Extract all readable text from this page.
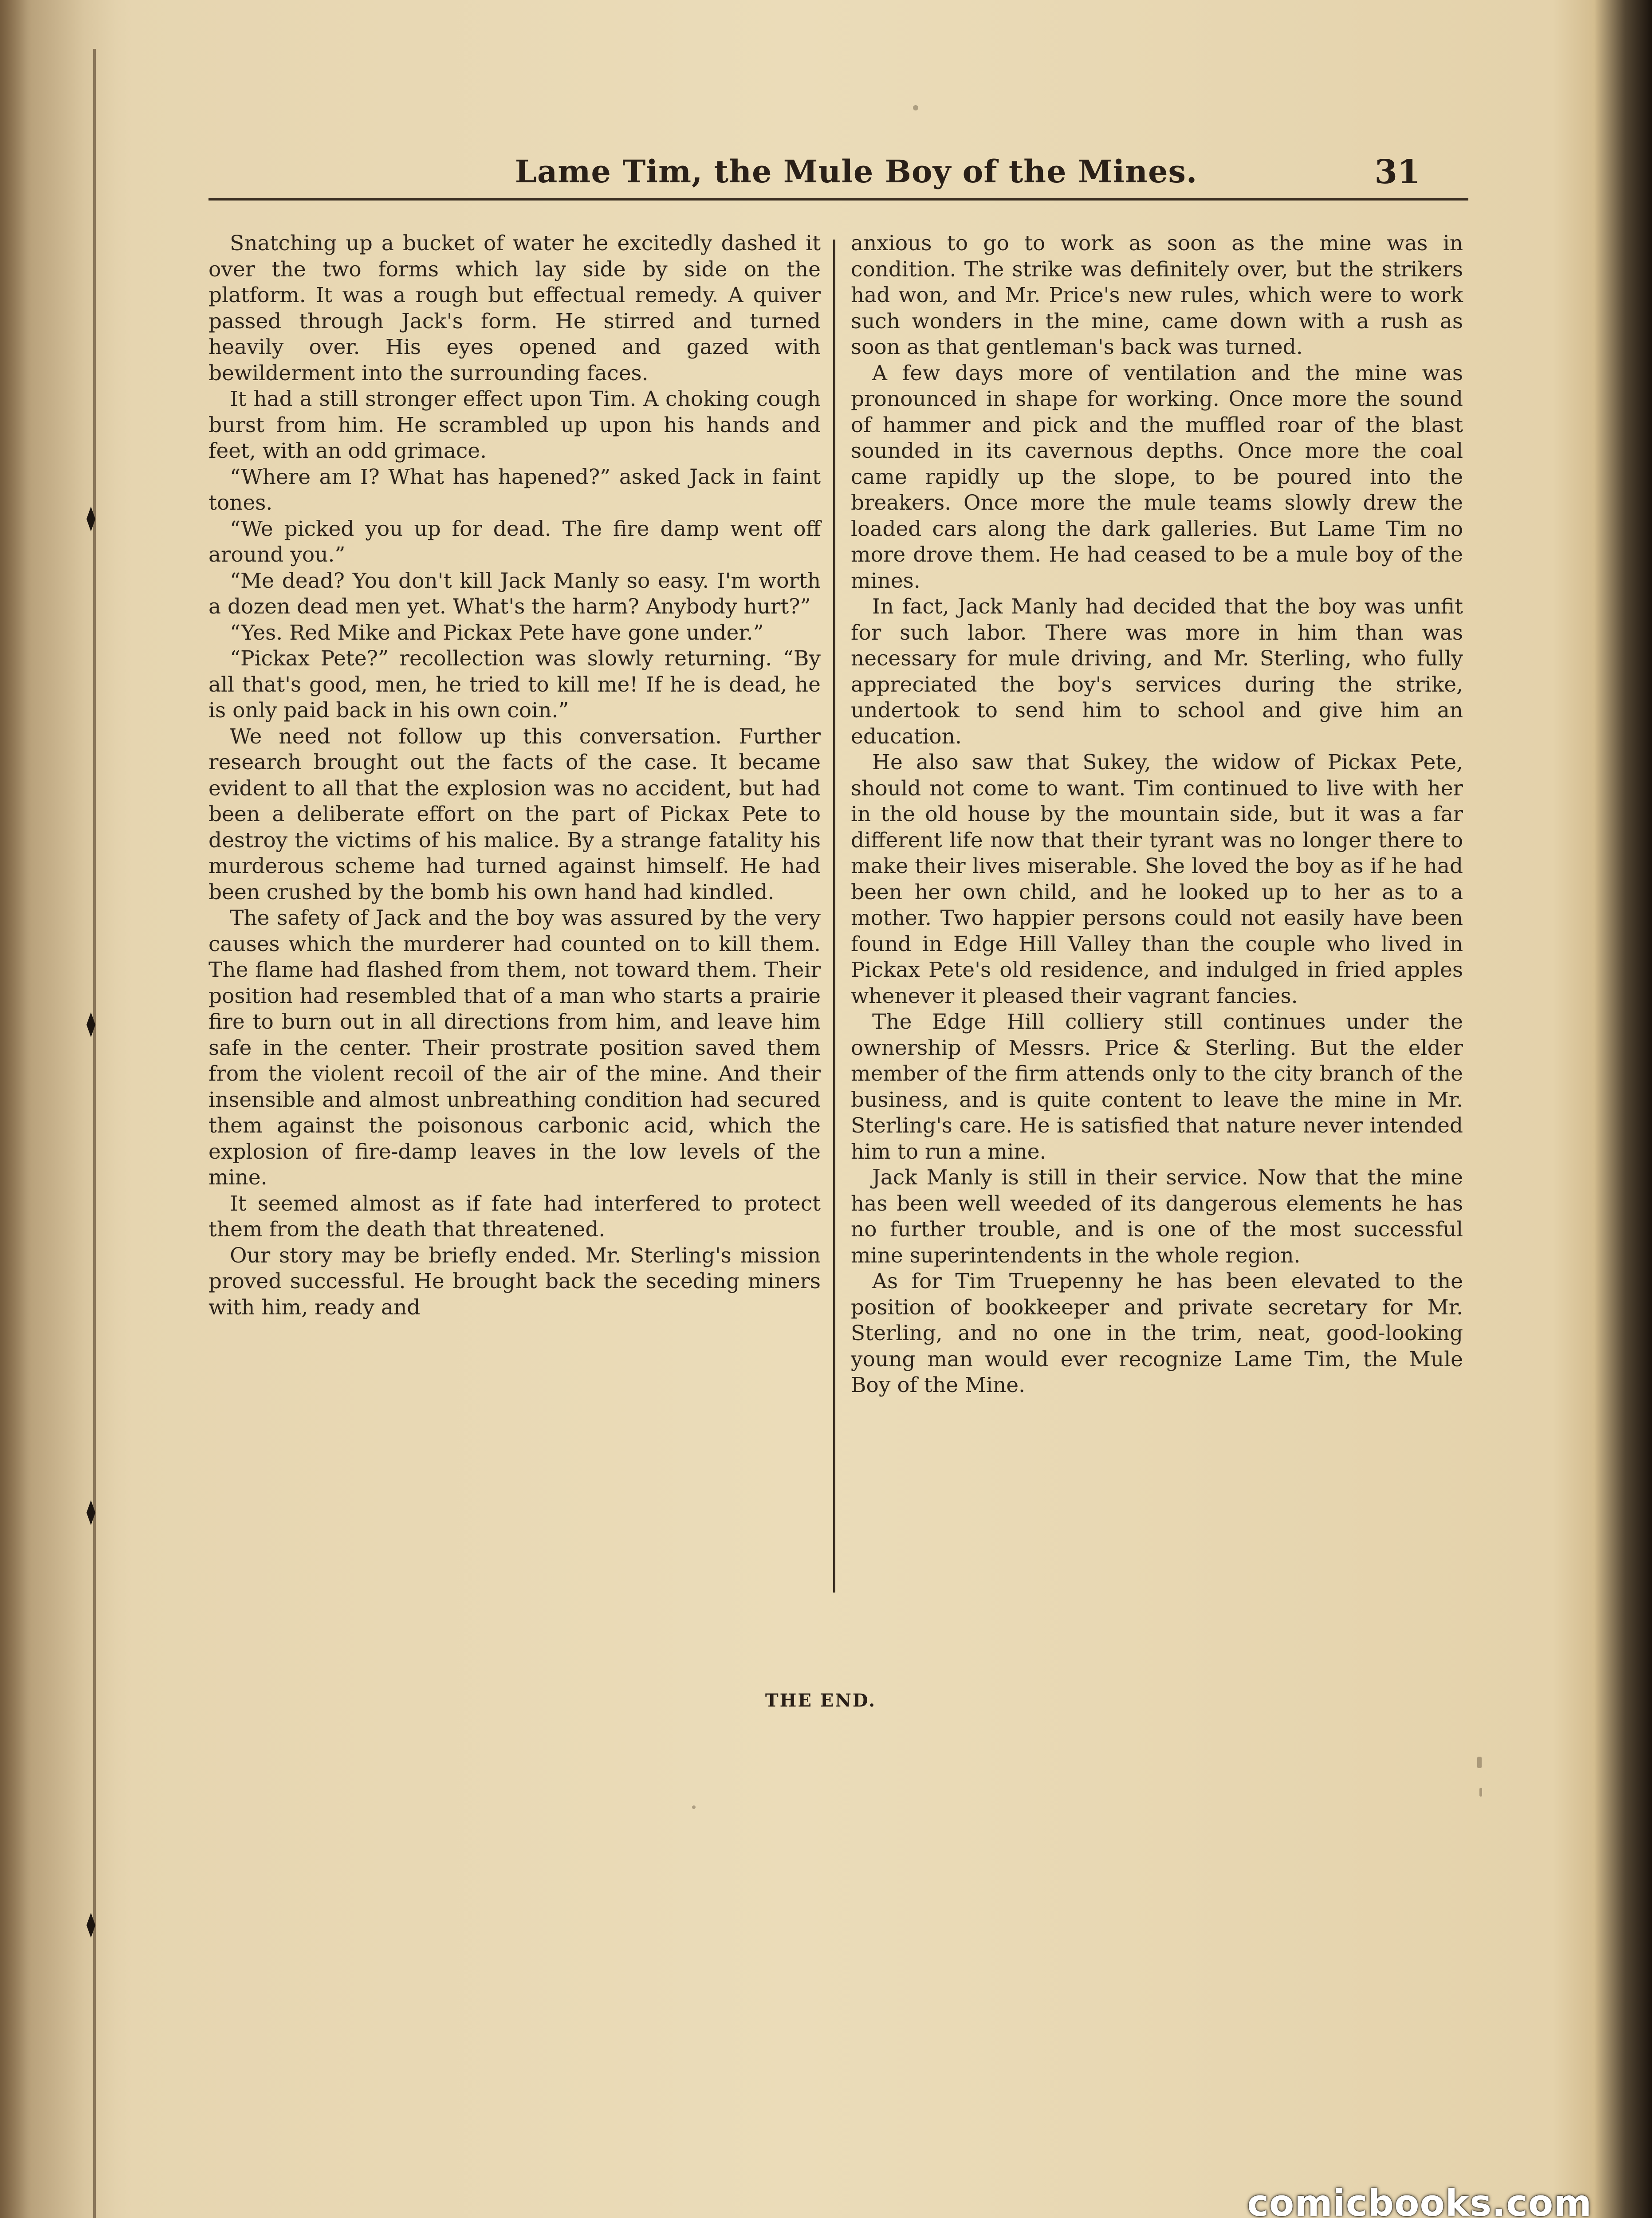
Lame Tim, the Mule Boy of the Mines.	31

Snatching up a bucket of water he excitedly dashed it over the two forms which lay side by side on the platform. It was a rough but effectual remedy. A quiver passed through Jack's form. He stirred and turned heavily over. His eyes opened and gazed with bewilderment into the surrounding faces.

It had a still stronger effect upon Tim. A choking cough burst from him. He scrambled up upon his hands and feet, with an odd grimace.

“Where am I? What has hapened?” asked Jack in faint tones.

“We picked you up for dead. The fire damp went off around you.”

“Me dead? You don't kill Jack Manly so easy. I'm worth a dozen dead men yet. What's the harm? Anybody hurt?”

“Yes. Red Mike and Pickax Pete have gone under.”

“Pickax Pete?” recollection was slowly returning. “By all that's good, men, he tried to kill me! If he is dead, he is only paid back in his own coin.”

We need not follow up this conversation. Further research brought out the facts of the case. It became evident to all that the explosion was no accident, but had been a deliberate effort on the part of Pickax Pete to destroy the victims of his malice. By a strange fatality his murderous scheme had turned against himself. He had been crushed by the bomb his own hand had kindled.

The safety of Jack and the boy was assured by the very causes which the murderer had counted on to kill them. The flame had flashed from them, not toward them. Their position had resembled that of a man who starts a prairie fire to burn out in all directions from him, and leave him safe in the center. Their prostrate position saved them from the violent recoil of the air of the mine. And their insensible and almost unbreathing condition had secured them against the poisonous carbonic acid, which the explosion of fire-damp leaves in the low levels of the mine.

It seemed almost as if fate had interfered to protect them from the death that threatened.

Our story may be briefly ended. Mr. Sterling's mission proved successful. He brought back the seceding miners with him, ready and

anxious to go to work as soon as the mine was in condition. The strike was definitely over, but the strikers had won, and Mr. Price's new rules, which were to work such wonders in the mine, came down with a rush as soon as that gentleman's back was turned.

A few days more of ventilation and the mine was pronounced in shape for working. Once more the sound of hammer and pick and the muffled roar of the blast sounded in its cavernous depths. Once more the coal came rapidly up the slope, to be poured into the breakers. Once more the mule teams slowly drew the loaded cars along the dark galleries. But Lame Tim no more drove them. He had ceased to be a mule boy of the mines.

In fact, Jack Manly had decided that the boy was unfit for such labor. There was more in him than was necessary for mule driving, and Mr. Sterling, who fully appreciated the boy's services during the strike, undertook to send him to school and give him an education.

He also saw that Sukey, the widow of Pickax Pete, should not come to want. Tim continued to live with her in the old house by the mountain side, but it was a far different life now that their tyrant was no longer there to make their lives miserable. She loved the boy as if he had been her own child, and he looked up to her as to a mother. Two happier persons could not easily have been found in Edge Hill Valley than the couple who lived in Pickax Pete's old residence, and indulged in fried apples whenever it pleased their vagrant fancies.

The Edge Hill colliery still continues under the ownership of Messrs. Price & Sterling. But the elder member of the firm attends only to the city branch of the business, and is quite content to leave the mine in Mr. Sterling's care. He is satisfied that nature never intended him to run a mine.

Jack Manly is still in their service. Now that the mine has been well weeded of its dangerous elements he has no further trouble, and is one of the most successful mine superintendents in the whole region.

As for Tim Truepenny he has been elevated to the position of bookkeeper and private secretary for Mr. Sterling, and no one in the trim, neat, good-looking young man would ever recognize Lame Tim, the Mule Boy of the Mine.

THE END.
comicbooks.com
